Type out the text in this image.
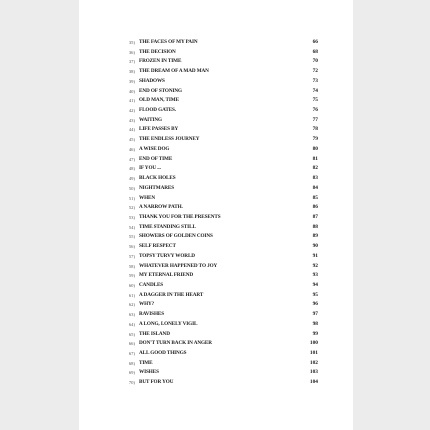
35) THE FACES OF MY PAIN	66
36) THE DECISION	68
37) FROZEN IN TIME	70
38) THE DREAM OF A MAD MAN	72
39) SHADOWS	73
40) END OF STONING	74
41) OLD MAN, TIME	75
42) FLOOD GATES.	76
43) WAITING	77
44) LIFE PASSES BY	78
45) THE ENDLESS JOURNEY	79
46) A WISE DOG	80
47) END OF TIME	81
48) IF YOU ...	82
49) BLACK HOLES	83
50) NIGHTMARES	84
51) WHEN	85
52) A NARROW PATH.	86
53) THANK YOU FOR THE PRESENTS	87
54) TIME STANDING STILL	88
55) SHOWERS OF GOLDEN COINS	89
56) SELF RESPECT	90
57) TOPSY TURVY WORLD	91
58) WHATEVER HAPPENED TO JOY	92
59) MY ETERNAL FRIEND	93
60) CANDLES	94
61) A DAGGER IN THE HEART	95
62) WHY?	96
63) RAVISHES	97
64) A LONG, LONELY VIGIL	98
65) THE ISLAND	99
66) DON'T TURN BACK IN ANGER	100
67) ALL GOOD THINGS	101
68) TIME	102
69) WISHES	103
70) BUT FOR YOU	104
